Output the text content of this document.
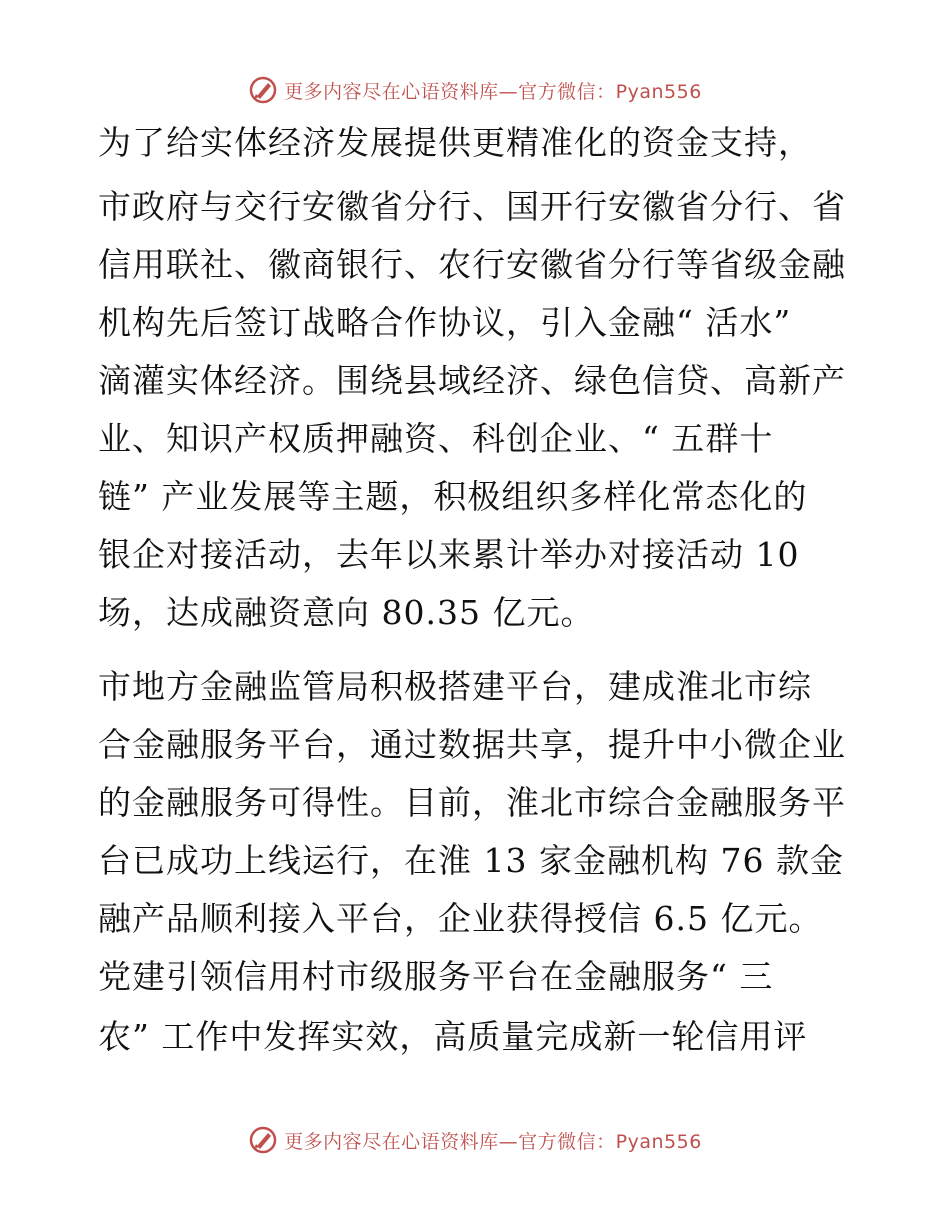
更多内容尽在心语资料库—官方微信：Pyan556
为了给实体经济发展提供更精准化的资金支持，
市政府与交行安徽省分行、国开行安徽省分行、省
信用联社、徽商银行、农行安徽省分行等省级金融
机构先后签订战略合作协议，引入金融“ 活水”
滴灌实体经济。围绕县域经济、绿色信贷、高新产
业、知识产权质押融资、科创企业、“ 五群十
链” 产业发展等主题，积极组织多样化常态化的
银企对接活动，去年以来累计举办对接活动 10
场，达成融资意向 80.35 亿元。
市地方金融监管局积极搭建平台，建成淮北市综
合金融服务平台，通过数据共享，提升中小微企业
的金融服务可得性。目前，淮北市综合金融服务平
台已成功上线运行，在淮 13 家金融机构 76 款金
融产品顺利接入平台，企业获得授信 6.5 亿元。
党建引领信用村市级服务平台在金融服务“ 三
农” 工作中发挥实效，高质量完成新一轮信用评
更多内容尽在心语资料库—官方微信：Pyan556
